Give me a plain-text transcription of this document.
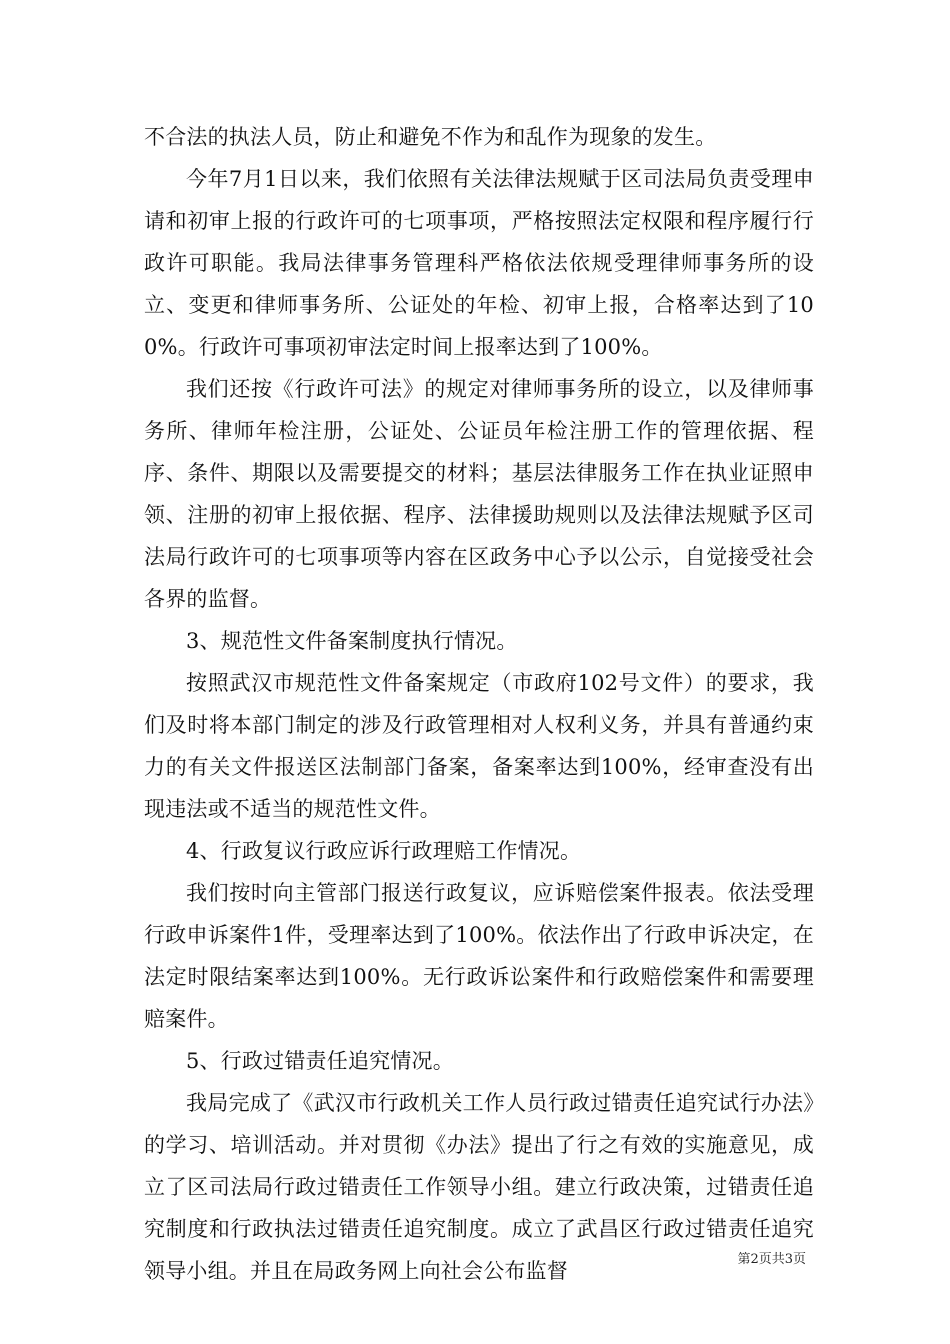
不合法的执法人员，防止和避免不作为和乱作为现象的发生。

今年7月1日以来，我们依照有关法律法规赋于区司法局负责受理申请和初审上报的行政许可的七项事项，严格按照法定权限和程序履行行政许可职能。我局法律事务管理科严格依法依规受理律师事务所的设立、变更和律师事务所、公证处的年检、初审上报，合格率达到了100%。行政许可事项初审法定时间上报率达到了100%。

我们还按《行政许可法》的规定对律师事务所的设立，以及律师事务所、律师年检注册，公证处、公证员年检注册工作的管理依据、程序、条件、期限以及需要提交的材料；基层法律服务工作在执业证照申领、注册的初审上报依据、程序、法律援助规则以及法律法规赋予区司法局行政许可的七项事项等内容在区政务中心予以公示，自觉接受社会各界的监督。

3、规范性文件备案制度执行情况。

按照武汉市规范性文件备案规定（市政府102号文件）的要求，我们及时将本部门制定的涉及行政管理相对人权利义务，并具有普通约束力的有关文件报送区法制部门备案，备案率达到100%，经审查没有出现违法或不适当的规范性文件。

4、行政复议行政应诉行政理赔工作情况。

我们按时向主管部门报送行政复议，应诉赔偿案件报表。依法受理行政申诉案件1件，受理率达到了100%。依法作出了行政申诉决定，在法定时限结案率达到100%。无行政诉讼案件和行政赔偿案件和需要理赔案件。

5、行政过错责任追究情况。

我局完成了《武汉市行政机关工作人员行政过错责任追究试行办法》的学习、培训活动。并对贯彻《办法》提出了行之有效的实施意见，成立了区司法局行政过错责任工作领导小组。建立行政决策，过错责任追究制度和行政执法过错责任追究制度。成立了武昌区行政过错责任追究领导小组。并且在局政务网上向社会公布监督	第2页共3页
